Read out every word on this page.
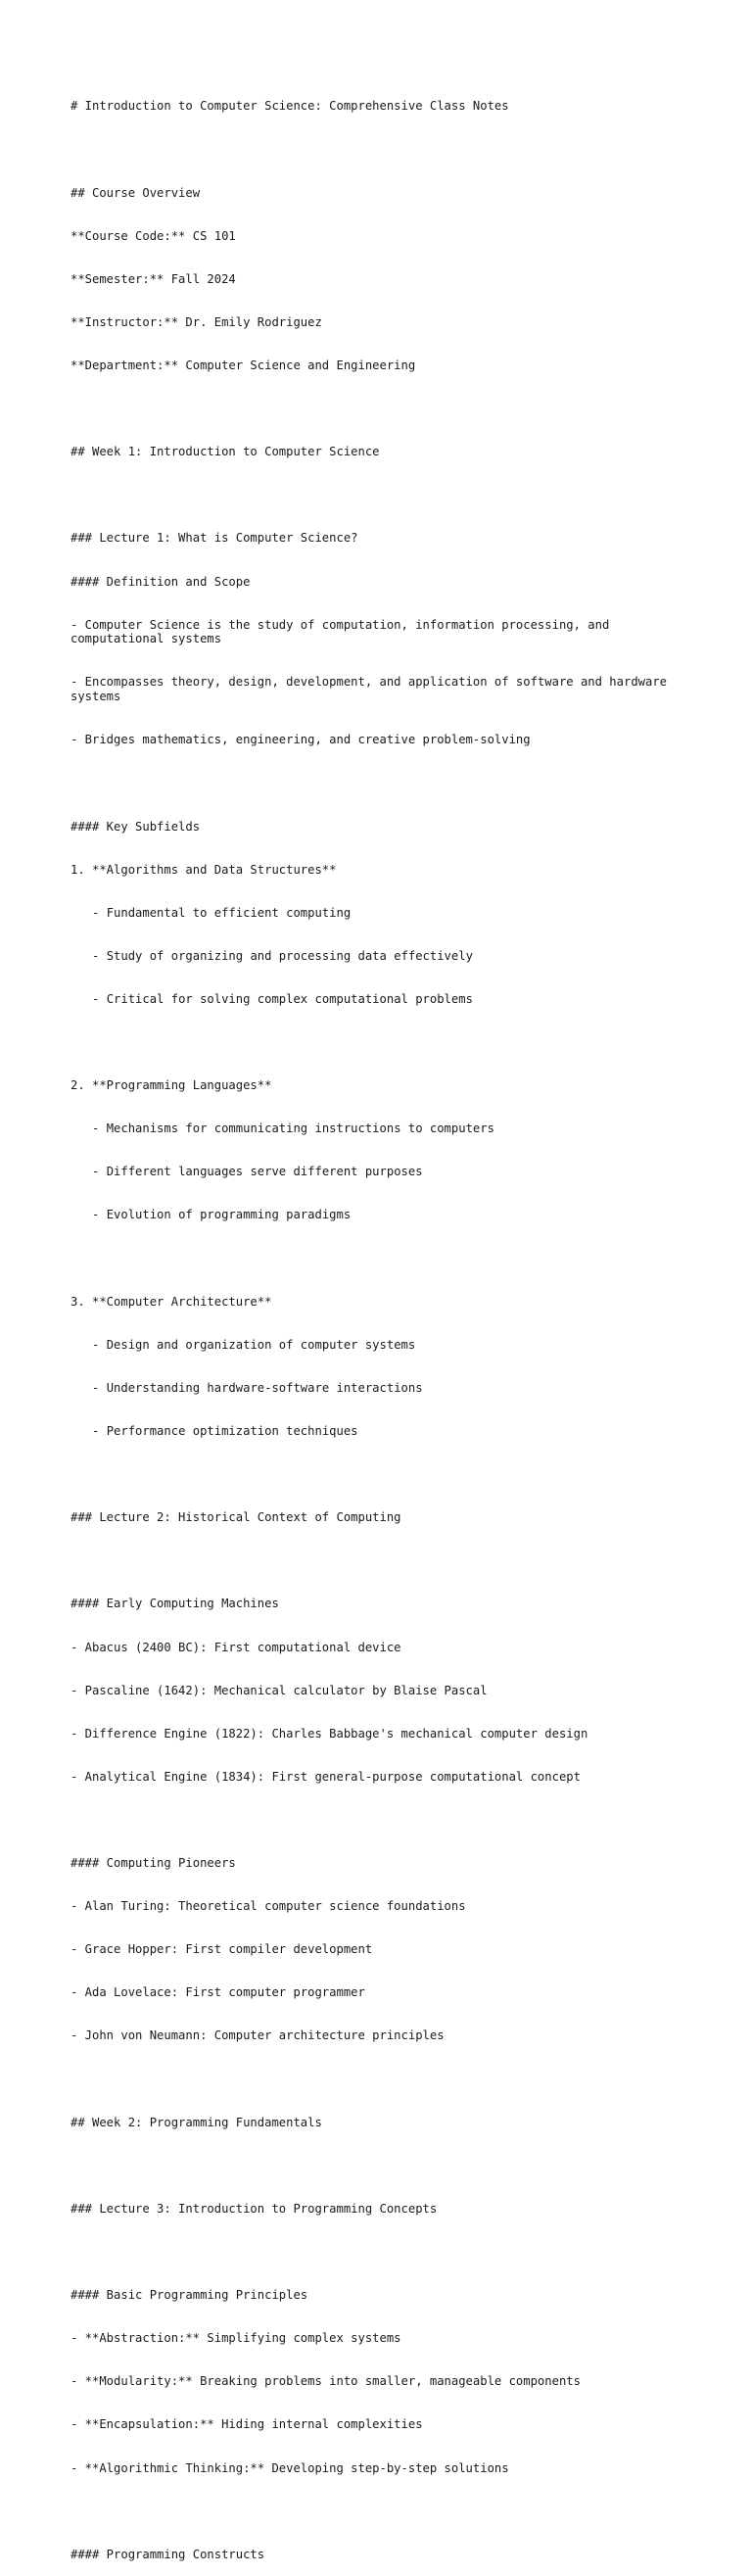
# Introduction to Computer Science: Comprehensive Class Notes

## Course Overview

**Course Code:** CS 101

**Semester:** Fall 2024

**Instructor:** Dr. Emily Rodriguez

**Department:** Computer Science and Engineering

## Week 1: Introduction to Computer Science

### Lecture 1: What is Computer Science?

#### Definition and Scope

- Computer Science is the study of computation, information processing, and computational systems

- Encompasses theory, design, development, and application of software and hardware systems

- Bridges mathematics, engineering, and creative problem-solving

#### Key Subfields

1. **Algorithms and Data Structures**

- Fundamental to efficient computing

- Study of organizing and processing data effectively

- Critical for solving complex computational problems

2. **Programming Languages**

- Mechanisms for communicating instructions to computers

- Different languages serve different purposes

- Evolution of programming paradigms

3. **Computer Architecture**

- Design and organization of computer systems

- Understanding hardware-software interactions

- Performance optimization techniques

### Lecture 2: Historical Context of Computing

#### Early Computing Machines

- Abacus (2400 BC): First computational device

- Pascaline (1642): Mechanical calculator by Blaise Pascal

- Difference Engine (1822): Charles Babbage's mechanical computer design

- Analytical Engine (1834): First general-purpose computational concept

#### Computing Pioneers

- Alan Turing: Theoretical computer science foundations

- Grace Hopper: First compiler development

- Ada Lovelace: First computer programmer

- John von Neumann: Computer architecture principles

## Week 2: Programming Fundamentals

### Lecture 3: Introduction to Programming Concepts

#### Basic Programming Principles

- **Abstraction:** Simplifying complex systems

- **Modularity:** Breaking problems into smaller, manageable components

- **Encapsulation:** Hiding internal complexities

- **Algorithmic Thinking:** Developing step-by-step solutions

#### Programming Constructs
